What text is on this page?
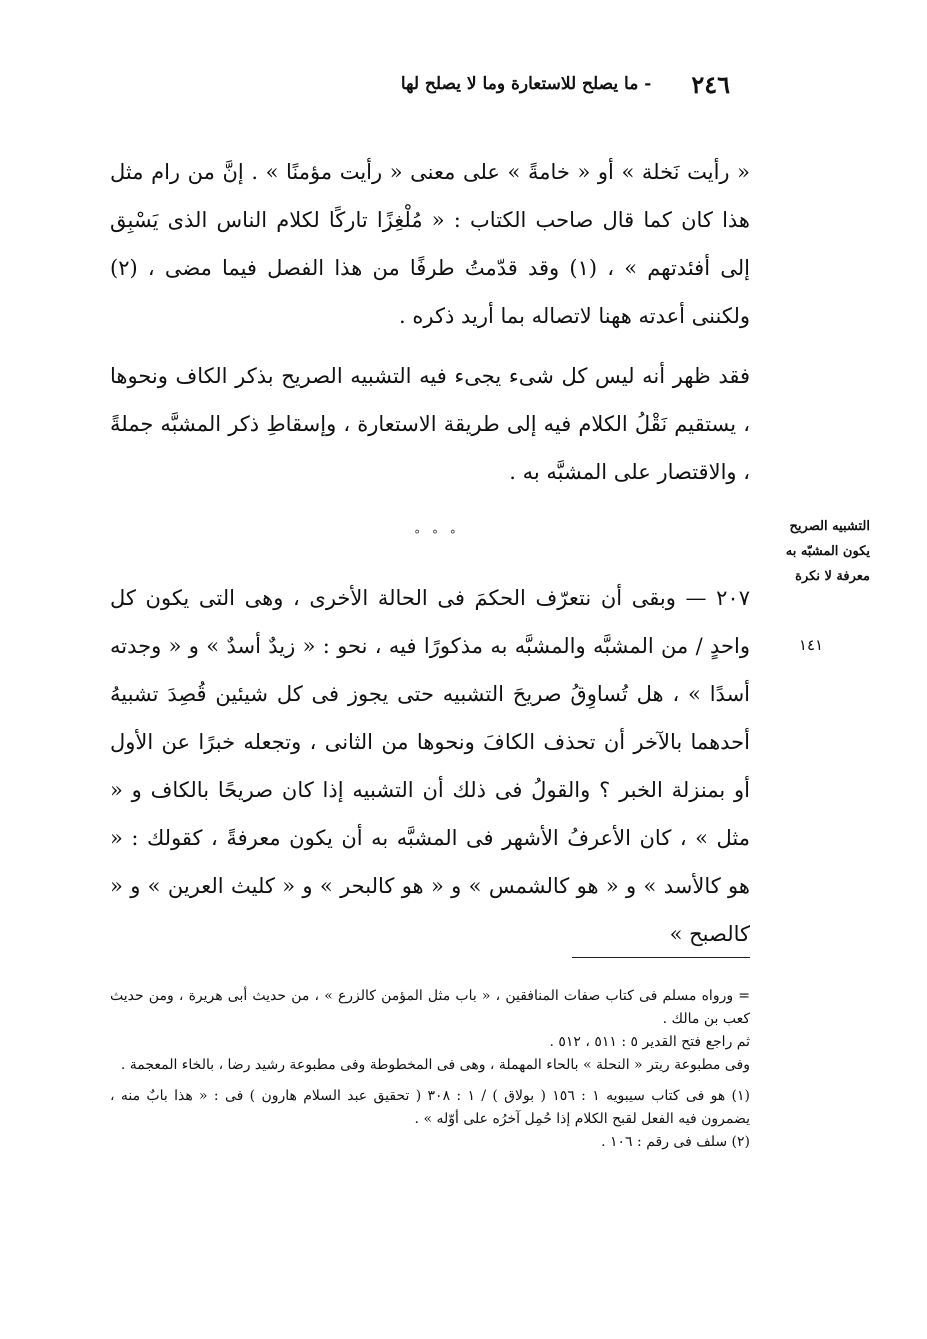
٢٤٦
- ما يصلح للاستعارة وما لا يصلح لها

« رأيت نَخلة » أو « خامةً » على معنى « رأيت مؤمنًا » . إنَّ من رام مثل هذا كان كما قال صاحب الكتاب : « مُلْغِزًا تاركًا لكلام الناس الذى يَسْبِق إلى أفئدتهم » ، (١) وقد قدّمتُ طرفًا من هذا الفصل فيما مضى ، (٢) ولكننى أعدته ههنا لاتصاله بما أريد ذكره .

فقد ظهر أنه ليس كل شىء يجىء فيه التشبيه الصريح بذكر الكاف ونحوها ، يستقيم نَقْلُ الكلام فيه إلى طريقة الاستعارة ، وإسقاطِ ذكر المشبَّه جملةً ، والاقتصار على المشبَّه به .

° ° °
التشبيه الصريح
يكون المشبّه به
معرفة لا نكرة
١٤١

٢٠٧ — وبقى أن نتعرّف الحكمَ فى الحالة الأخرى ، وهى التى يكون كل واحدٍ / من المشبَّه والمشبَّه به مذكورًا فيه ، نحو : « زيدٌ أسدٌ » و « وجدته أسدًا » ، هل تُساوِقُ صريحَ التشبيه حتى يجوز فى كل شيئين قُصِدَ تشبيهُ أحدهما بالآخر أن تحذف الكافَ ونحوها من الثانى ، وتجعله خبرًا عن الأول أو بمنزلة الخبر ؟ والقولُ فى ذلك أن التشبيه إذا كان صريحًا بالكاف و « مثل » ، كان الأعرفُ الأشهر فى المشبَّه به أن يكون معرفةً ، كقولك : « هو كالأسد » و « هو كالشمس » و « هو كالبحر » و « كليث العرين » و « كالصبح »

= ورواه مسلم فى كتاب صفات المنافقين ، « باب مثل المؤمن كالزرع » ، من حديث أبى هريرة ، ومن حديث كعب بن مالك .

ثم راجع فتح القدير ٥ : ٥١١ ، ٥١٢ .

وفى مطبوعة ريتر « النحلة » بالحاء المهملة ، وهى فى المخطوطة وفى مطبوعة رشيد رضا ، بالخاء المعجمة .

(١) هو فى كتاب سيبويه ١ : ١٥٦ ( بولاق ) / ١ : ٣٠٨ ( تحقيق عبد السلام هارون ) فى : « هذا بابٌ منه ، يضمرون فيه الفعل لقبح الكلام إذا حُمِل آخرُه على أوّله » .

(٢) سلف فى رقم : ١٠٦ .
